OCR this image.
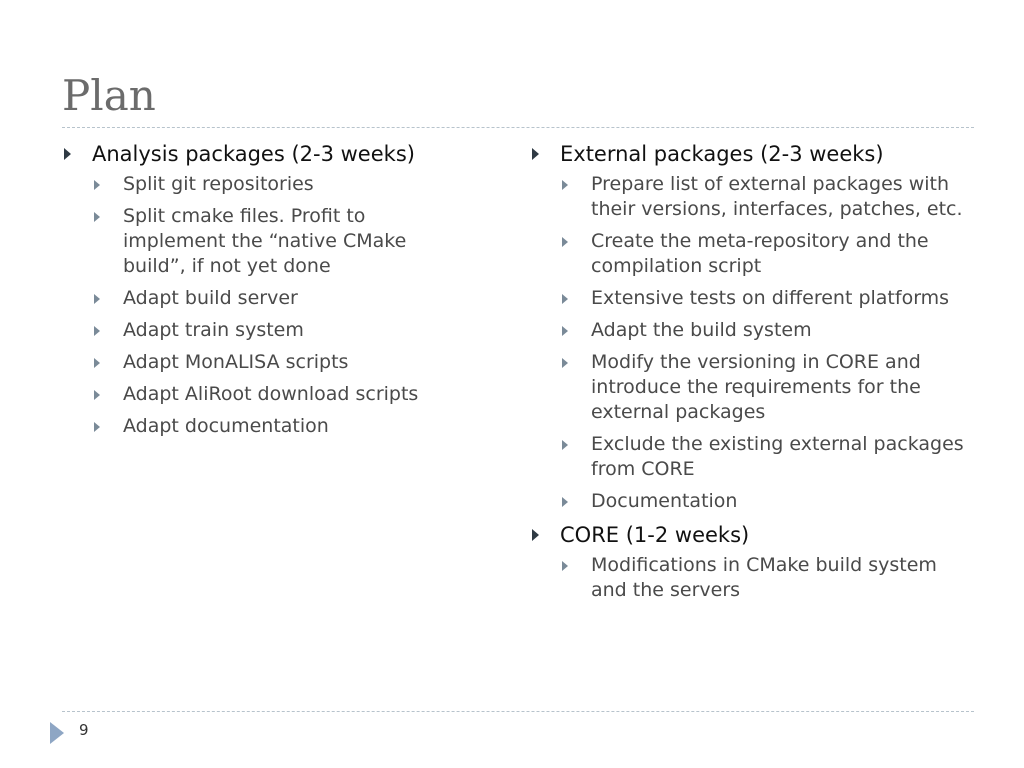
Plan
Analysis packages (2-3 weeks)
Split git repositories
Split cmake files. Profit to implement the “native CMake build”, if not yet done
Adapt build server
Adapt train system
Adapt MonALISA scripts
Adapt AliRoot download scripts
Adapt documentation
External packages (2-3 weeks)
Prepare list of external packages with their versions, interfaces, patches, etc.
Create the meta-repository and the compilation script
Extensive tests on different platforms
Adapt the build system
Modify the versioning in CORE and introduce the requirements for the external packages
Exclude the existing external packages from CORE
Documentation
CORE (1-2 weeks)
Modifications in CMake build system and the servers
9
